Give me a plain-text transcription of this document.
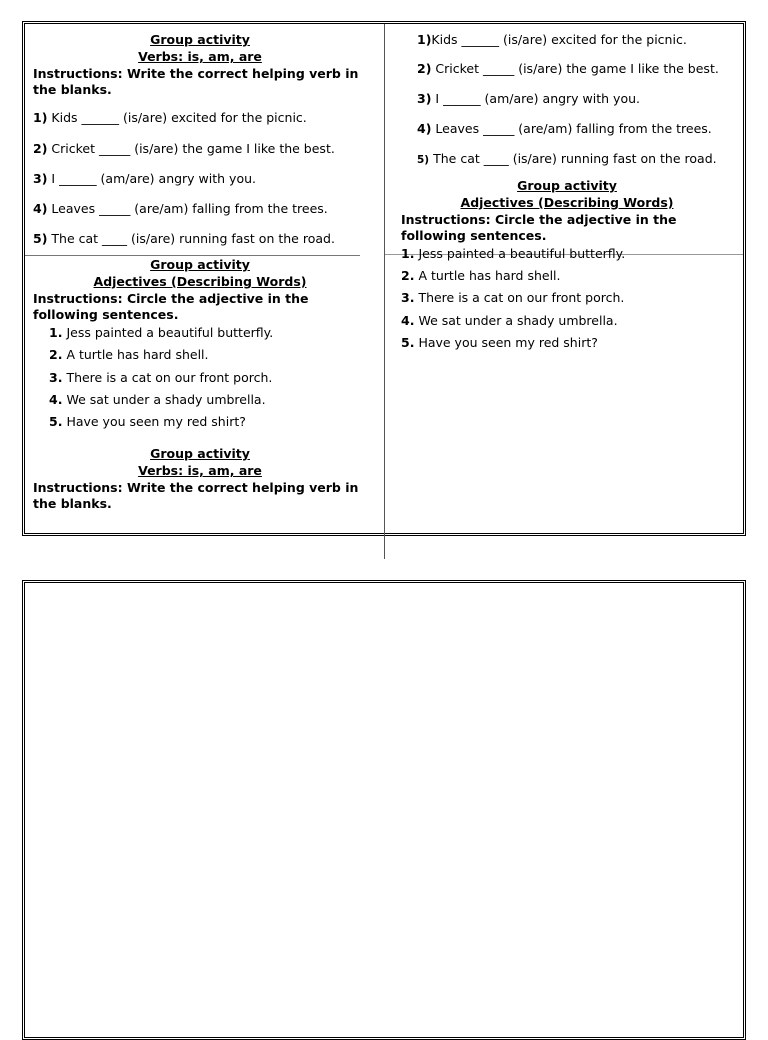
Group activity
Verbs: is, am, are
Instructions: Write the correct helping verb in the blanks.
1) Kids ______ (is/are) excited for the picnic.
2) Cricket _____ (is/are) the game I like the best.
3) I ______ (am/are) angry with you.
4) Leaves _____ (are/am) falling from the trees.
5) The cat ____ (is/are) running fast on the road.
1)Kids ______ (is/are) excited for the picnic.
2) Cricket _____ (is/are) the game I like the best.
3) I ______ (am/are) angry with you.
4) Leaves _____ (are/am) falling from the trees.
5) The cat ____ (is/are) running fast on the road.
Group activity
Adjectives (Describing Words)
Instructions: Circle the adjective in the following sentences.
1. Jess painted a beautiful butterfly.
2. A turtle has hard shell.
3. There is a cat on our front porch.
4. We sat under a shady umbrella.
5. Have you seen my red shirt?
Group activity
Adjectives (Describing Words)
Instructions: Circle the adjective in the following sentences.
1. Jess painted a beautiful butterfly.
2. A turtle has hard shell.
3. There is a cat on our front porch.
4. We sat under a shady umbrella.
5. Have you seen my red shirt?
Group activity
Verbs: is, am, are
Instructions: Write the correct helping verb in the blanks.
